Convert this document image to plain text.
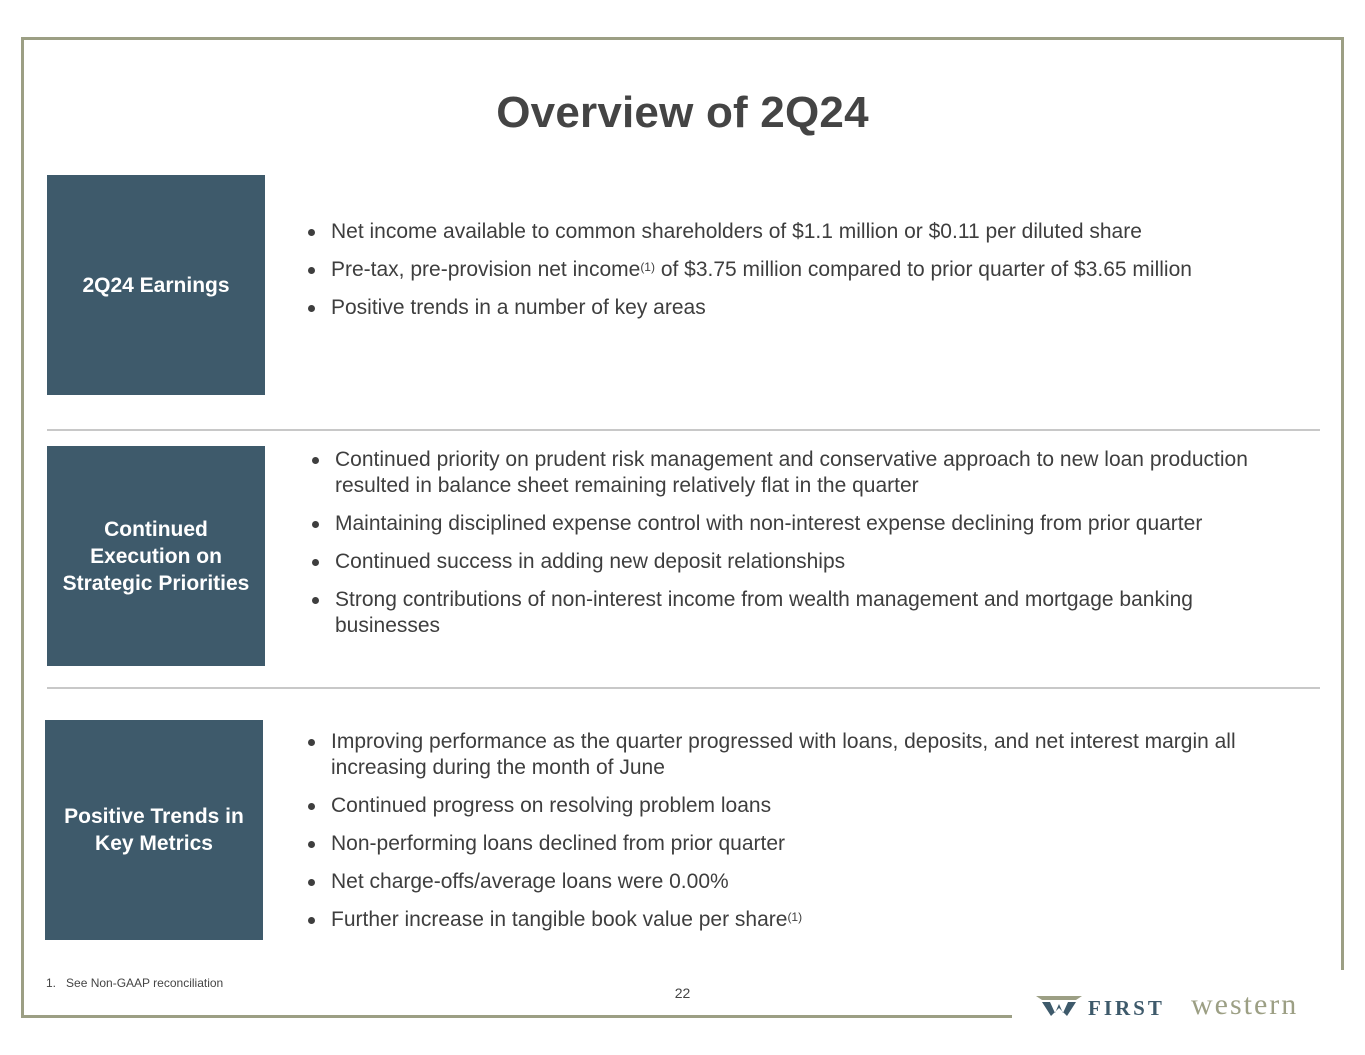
Overview of 2Q24
2Q24 Earnings
Net income available to common shareholders of $1.1 million or $0.11 per diluted share
Pre-tax, pre-provision net income$^{(1)}$ of $3.75 million compared to prior quarter of $3.65 million
Positive trends in a number of key areas
Continued
Execution on
Strategic Priorities
Continued priority on prudent risk management and conservative approach to new loan production resulted in balance sheet remaining relatively flat in the quarter
Maintaining disciplined expense control with non-interest expense declining from prior quarter
Continued success in adding new deposit relationships
Strong contributions of non-interest income from wealth management and mortgage banking businesses
Positive Trends in
Key Metrics
Improving performance as the quarter progressed with loans, deposits, and net interest margin all increasing during the month of June
Continued progress on resolving problem loans
Non-performing loans declined from prior quarter
Net charge-offs/average loans were 0.00%
Further increase in tangible book value per share$^{(1)}$
1. See Non-GAAP reconciliation
22
FIRST western
